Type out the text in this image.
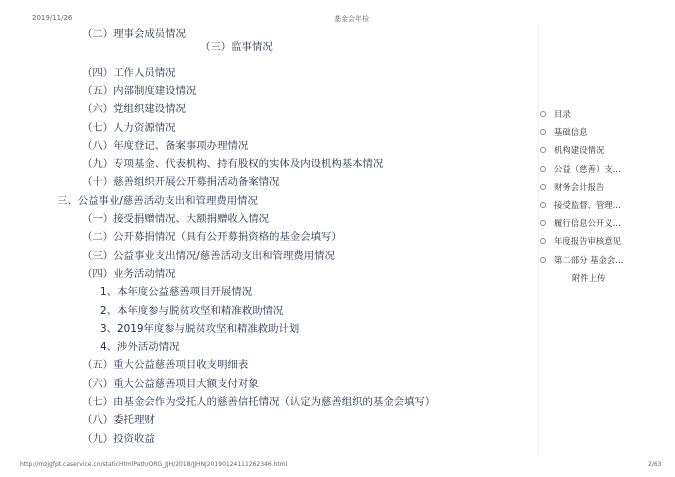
2019/11/26	基金会年检
（二）理事会成员情况
（三）监事情况
（四）工作人员情况
（五）内部制度建设情况
（六）党组织建设情况
（七）人力资源情况
（八）年度登记、备案事项办理情况
（九）专项基金、代表机构、持有股权的实体及内设机构基本情况
（十）慈善组织开展公开募捐活动备案情况
三、公益事业/慈善活动支出和管理费用情况
（一）接受捐赠情况、大额捐赠收入情况
（二）公开募捐情况（具有公开募捐资格的基金会填写）
（三）公益事业支出情况/慈善活动支出和管理费用情况
（四）业务活动情况
1、本年度公益慈善项目开展情况
2、本年度参与脱贫攻坚和精准救助情况
3、2019年度参与脱贫攻坚和精准救助计划
4、涉外活动情况
（五）重大公益慈善项目收支明细表
（六）重大公益慈善项目大额支付对象
（七）由基金会作为受托人的慈善信托情况（认定为慈善组织的基金会填写）
（八）委托理财
（九）投资收益
目录
基础信息
机构建设情况
公益（慈善）支...
财务会计报告
接受监督、管理...
履行信息公开义...
年度报告审核意见
第二部分 基金会...
附件上传
http://mzjgfpt.caservice.cn/staticHtmlPath/ORG_JJH/2018/JJHNJ20190124111262346.html	2/63
